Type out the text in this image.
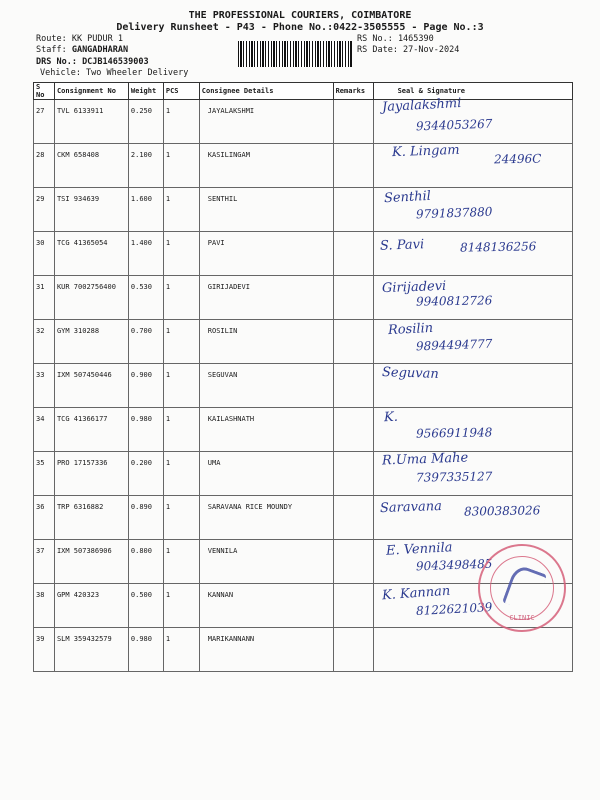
THE PROFESSIONAL COURIERS, COIMBATORE
Delivery Runsheet - P43 - Phone No.:0422-3505555 - Page No.:3
Route: KK PUDUR 1
Staff: GANGADHARAN
DRS No.: DCJB146539003
Vehicle: Two Wheeler Delivery
RS No.: 1465390
RS Date: 27-Nov-2024
S No	Consignment No	Weight	PCS	Consignee Details	Remarks	Seal & Signature
27	TVL 6133911	0.250	1	JAYALAKSHMI		Jayalakshmi
9344053267

28	CKM 658408	2.100	1	KASILINGAM		K. Lingam 24496C

29	TSI 934639	1.600	1	SENTHIL		Senthil
9791837880

30	TCG 41365054	1.400	1	PAVI		S. Pavi 8148136256

31	KUR 7002756400	0.530	1	GIRIJADEVI		Girijadevi
9940812726

32	GYM 310288	0.700	1	ROSILIN		Rosilin
9894494777

33	IXM 507450446	0.900	1	SEGUVAN		Seguvan

34	TCG 41366177	0.980	1	KAILASHNATH		K.
9566911948

35	PRO 17157336	0.200	1	UMA		R.Uma Mahe
7397335127

36	TRP 6316882	0.890	1	SARAVANA RICE MOUNDY		Saravana 8300383026

37	IXM 507386906	0.800	1	VENNILA		E. Vennila
9043498485

38	GPM 420323	0.500	1	KANNAN		K. Kannan
8122621039

39	SLM 359432579	0.980	1	MARIKANNANN		
CLINIC
